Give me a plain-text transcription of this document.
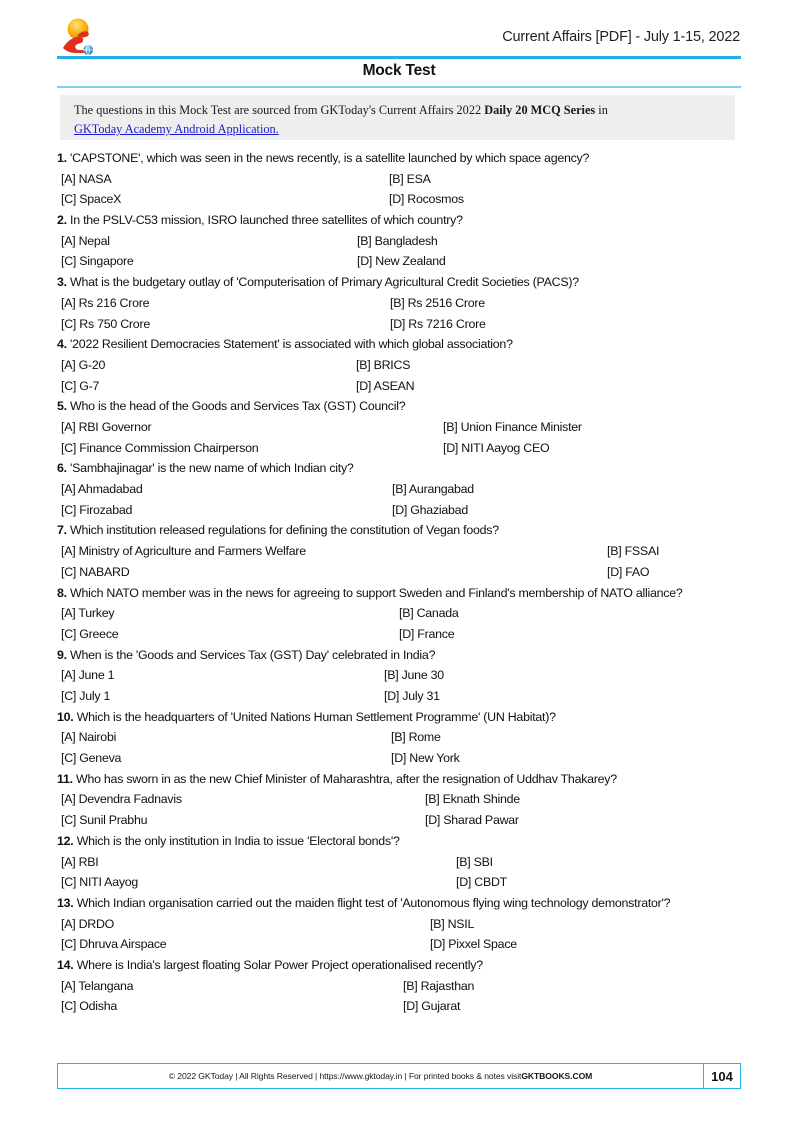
Current Affairs [PDF] - July 1-15, 2022
Mock Test
The questions in this Mock Test are sourced from GKToday's Current Affairs 2022 Daily 20 MCQ Series in
GKToday Academy Android Application.
1. 'CAPSTONE', which was seen in the news recently, is a satellite launched by which space agency?
[A] NASA	[B] ESA
[C] SpaceX	[D] Rocosmos
2. In the PSLV-C53 mission, ISRO launched three satellites of which country?
[A] Nepal	[B] Bangladesh
[C] Singapore	[D] New Zealand
3. What is the budgetary outlay of 'Computerisation of Primary Agricultural Credit Societies (PACS)?
[A] Rs 216 Crore	[B] Rs 2516 Crore
[C] Rs 750 Crore	[D] Rs 7216 Crore
4. '2022 Resilient Democracies Statement' is associated with which global association?
[A] G-20	[B] BRICS
[C] G-7	[D] ASEAN
5. Who is the head of the Goods and Services Tax (GST) Council?
[A] RBI Governor	[B] Union Finance Minister
[C] Finance Commission Chairperson	[D] NITI Aayog CEO
6. 'Sambhajinagar' is the new name of which Indian city?
[A] Ahmadabad	[B] Aurangabad
[C] Firozabad	[D] Ghaziabad
7. Which institution released regulations for defining the constitution of Vegan foods?
[A] Ministry of Agriculture and Farmers Welfare	[B] FSSAI
[C] NABARD	[D] FAO
8. Which NATO member was in the news for agreeing to support Sweden and Finland's membership of NATO alliance?
[A] Turkey	[B] Canada
[C] Greece	[D] France
9. When is the 'Goods and Services Tax (GST) Day' celebrated in India?
[A] June 1	[B] June 30
[C] July 1	[D] July 31
10. Which is the headquarters of 'United Nations Human Settlement Programme' (UN Habitat)?
[A] Nairobi	[B] Rome
[C] Geneva	[D] New York
11. Who has sworn in as the new Chief Minister of Maharashtra, after the resignation of Uddhav Thakarey?
[A] Devendra Fadnavis	[B] Eknath Shinde
[C] Sunil Prabhu	[D] Sharad Pawar
12. Which is the only institution in India to issue 'Electoral bonds'?
[A] RBI	[B] SBI
[C] NITI Aayog	[D] CBDT
13. Which Indian organisation carried out the maiden flight test of 'Autonomous flying wing technology demonstrator'?
[A] DRDO	[B] NSIL
[C] Dhruva Airspace	[D] Pixxel Space
14. Where is India's largest floating Solar Power Project operationalised recently?
[A] Telangana	[B] Rajasthan
[C] Odisha	[D] Gujarat
© 2022 GKToday | All Rights Reserved | https://www.gktoday.in | For printed books & notes visit GKTBOOKS.COM	104
